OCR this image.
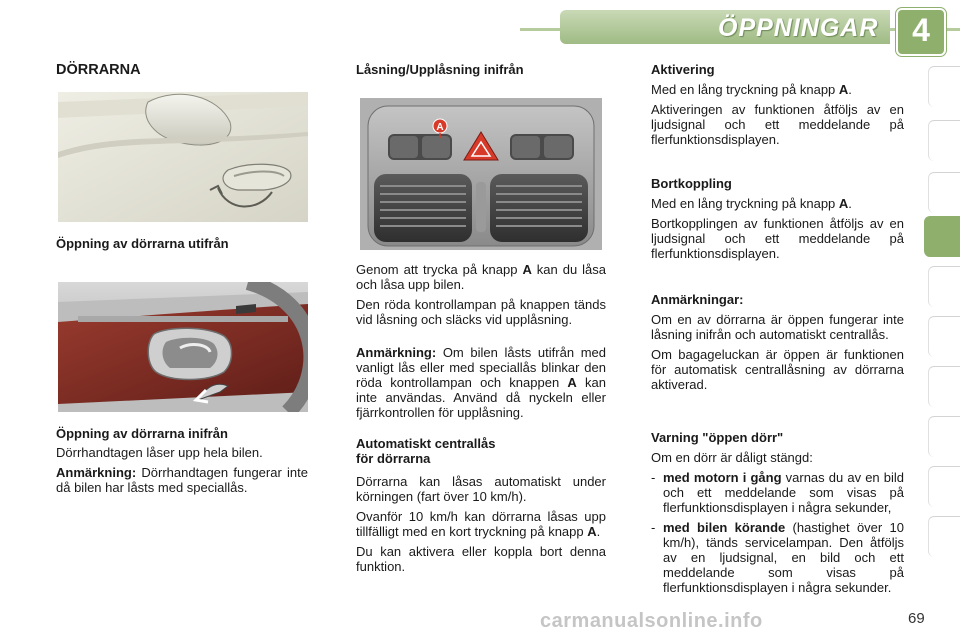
ÖPPNINGAR	4
DÖRRARNA

Öppning av dörrarna utifrån

Öppning av dörrarna inifrån

Dörrhandtagen låser upp hela bilen.

Anmärkning: Dörrhandtagen fungerar inte då bilen har låsts med speciallås.

Låsning/Upplåsning inifrån

A

Genom att trycka på knapp A kan du låsa och låsa upp bilen.

Den röda kontrollampan på knappen tänds vid låsning och släcks vid upplåsning.

Anmärkning: Om bilen låsts utifrån med vanligt lås eller med speciallås blinkar den röda kontrollampan och knappen A kan inte användas. Använd då nyckeln eller fjärrkontrollen för upplåsning.

Automatiskt centrallås

för dörrarna

Dörrarna kan låsas automatiskt under körningen (fart över 10 km/h).

Ovanför 10 km/h kan dörrarna låsas upp tillfälligt med en kort tryckning på knapp A.

Du kan aktivera eller koppla bort denna funktion.

Aktivering

Med en lång tryckning på knapp A.

Aktiveringen av funktionen åtföljs av en ljudsignal och ett meddelande på flerfunktionsdisplayen.

Bortkoppling

Med en lång tryckning på knapp A.

Bortkopplingen av funktionen åtföljs av en ljudsignal och ett meddelande på flerfunktionsdisplayen.

Anmärkningar:

Om en av dörrarna är öppen fungerar inte låsning inifrån och automatiskt centrallås.

Om bagageluckan är öppen är funktionen för automatisk centrallåsning av dörrarna aktiverad.

Varning "öppen dörr"

Om en dörr är dåligt stängd:

- med motorn i gång varnas du av en bild och ett meddelande som visas på flerfunktionsdisplayen i några sekunder,
- med bilen körande (hastighet över 10 km/h), tänds servicelampan. Den åtföljs av en ljudsignal, en bild och ett meddelande som visas på flerfunktionsdisplayen i några sekunder.
carmanualsonline.info	69
